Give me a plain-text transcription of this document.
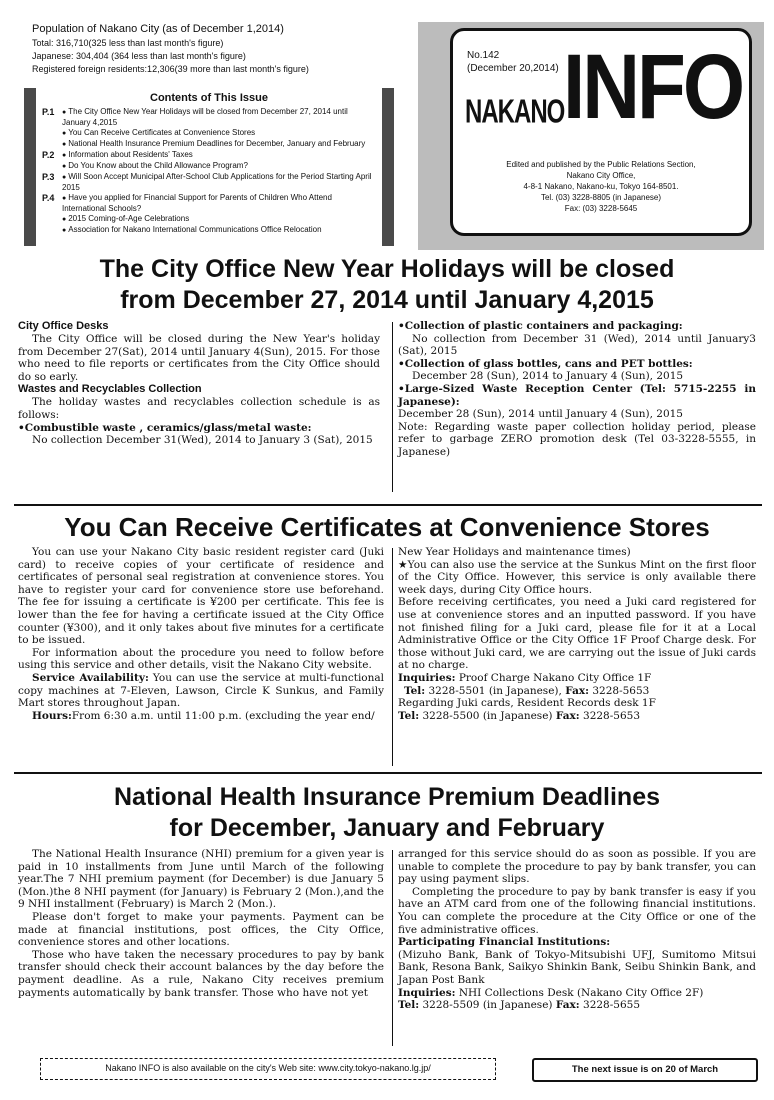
Population of Nakano City (as of December 1,2014)
Total: 316,710(325 less than last month's figure)
Japanese: 304,404 (364 less than last month's figure)
Registered foreign residents:12,306(39 more than last month's figure)
Contents of This Issue
P.1	● The City Office New Year Holidays will be closed from December 27, 2014 until January 4,2015
● You Can Receive Certificates at Convenience Stores
● National Health Insurance Premium Deadlines for December, January and February
P.2	● Information about Residents' Taxes
● Do You Know about the Child Allowance Program?
P.3	● Will Soon Accept Municipal After-School Club Applications for the Period Starting April 2015
P.4	● Have you applied for Financial Support for Parents of Children Who Attend International Schools?
● 2015 Coming-of-Age Celebrations
● Association for Nakano International Communications Office Relocation
No.142
(December 20,2014)
NAKANO
INFO
Edited and published by the Public Relations Section,
Nakano City Office,
4-8-1 Nakano, Nakano-ku, Tokyo 164-8501.
Tel. (03) 3228-8805 (in Japanese)
Fax: (03) 3228-5645
The City Office New Year Holidays will be closed
from December 27, 2014 until January 4,2015
City Office Desks

The City Office will be closed during the New Year's holiday from December 27(Sat), 2014 until January 4(Sun), 2015. For those who need to file reports or certificates from the City Office should do so early.

Wastes and Recyclables Collection

The holiday wastes and recyclables collection schedule is as follows:

•Combustible waste , ceramics/glass/metal waste:

No collection December 31(Wed), 2014 to January 3 (Sat), 2015

•Collection of plastic containers and packaging:

No collection from December 31 (Wed), 2014 until January3 (Sat), 2015

•Collection of glass bottles, cans and PET bottles:

December 28 (Sun), 2014 to January 4 (Sun), 2015

•Large-Sized Waste Reception Center (Tel: 5715-2255 in Japanese):

December 28 (Sun), 2014 until January 4 (Sun), 2015

Note: Regarding waste paper collection holiday period, please refer to garbage ZERO promotion desk (Tel 03-3228-5555, in Japanese)

You Can Receive Certificates at Convenience Stores

You can use your Nakano City basic resident register card (Juki card) to receive copies of your certificate of residence and certificates of personal seal registration at convenience stores. You have to register your card for convenience store use beforehand. The fee for issuing a certificate is ¥200 per certificate. This fee is lower than the fee for having a certificate issued at the City Office counter (¥300), and it only takes about five minutes for a certificate to be issued.

For information about the procedure you need to follow before using this service and other details, visit the Nakano City website.

Service Availability: You can use the service at multi-functional copy machines at 7-Eleven, Lawson, Circle K Sunkus, and Family Mart stores throughout Japan.

Hours:From 6:30 a.m. until 11:00 p.m. (excluding the year end/

New Year Holidays and maintenance times)

★You can also use the service at the Sunkus Mint on the first floor of the City Office. However, this service is only available there week days, during City Office hours.

Before receiving certificates, you need a Juki card registered for use at convenience stores and an inputted password. If you have not finished filing for a Juki card, please file for it at a Local Administrative Office or the City Office 1F Proof Charge desk. For those without Juki card, we are carrying out the issue of Juki cards at no charge.

Inquiries: Proof Charge Nakano City Office 1F

Tel: 3228-5501 (in Japanese), Fax: 3228-5653

Regarding Juki cards, Resident Records desk 1F

Tel: 3228-5500 (in Japanese) Fax: 3228-5653

National Health Insurance Premium Deadlines
for December, January and February

The National Health Insurance (NHI) premium for a given year is paid in 10 installments from June until March of the following year.The 7 NHI premium payment (for December) is due January 5 (Mon.)the 8 NHI payment (for January) is February 2 (Mon.),and the 9 NHI installment (February) is March 2 (Mon.).

Please don't forget to make your payments. Payment can be made at financial institutions, post offices, the City Office, convenience stores and other locations.

Those who have taken the necessary procedures to pay by bank transfer should check their account balances by the day before the payment deadline. As a rule, Nakano City receives premium payments automatically by bank transfer. Those who have not yet

arranged for this service should do as soon as possible. If you are unable to complete the procedure to pay by bank transfer, you can pay using payment slips.

Completing the procedure to pay by bank transfer is easy if you have an ATM card from one of the following financial institutions. You can complete the procedure at the City Office or one of the five administrative offices.

Participating Financial Institutions:

(Mizuho Bank, Bank of Tokyo-Mitsubishi UFJ, Sumitomo Mitsui Bank, Resona Bank, Saikyo Shinkin Bank, Seibu Shinkin Bank, and Japan Post Bank

Inquiries: NHI Collections Desk (Nakano City Office 2F)

Tel: 3228-5509 (in Japanese) Fax: 3228-5655

Nakano INFO is also available on the city's Web site: www.city.tokyo-nakano.lg.jp/	The next issue is on 20 of March
